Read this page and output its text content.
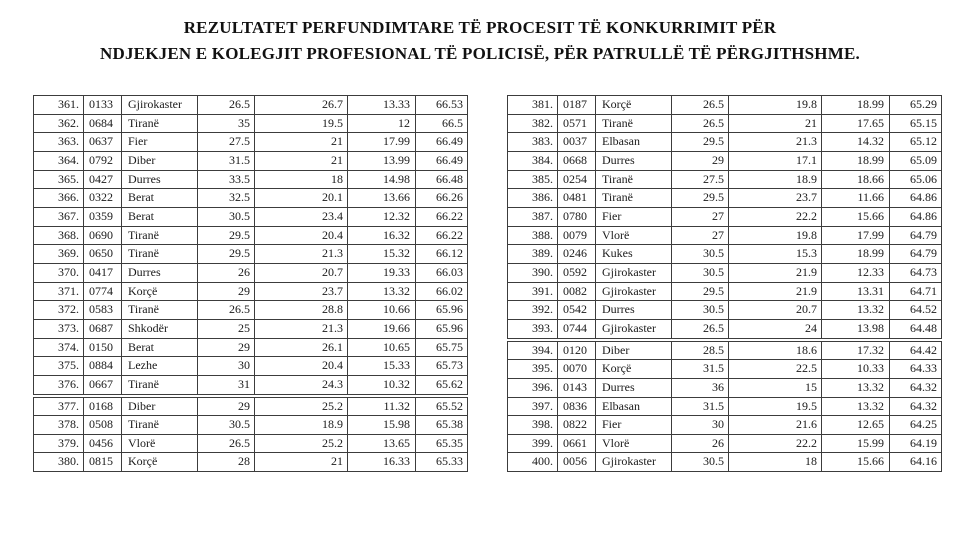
REZULTATET PERFUNDIMTARE TË PROCESIT TË KONKURRIMIT PËR
NDJEKJEN E KOLEGJIT PROFESIONAL TË POLICISË, PËR PATRULLË TË PËRGJITHSHME.
361.	0133	Gjirokaster	26.5	26.7	13.33	66.53
362.	0684	Tiranë	35	19.5	12	66.5
363.	0637	Fier	27.5	21	17.99	66.49
364.	0792	Diber	31.5	21	13.99	66.49
365.	0427	Durres	33.5	18	14.98	66.48
366.	0322	Berat	32.5	20.1	13.66	66.26
367.	0359	Berat	30.5	23.4	12.32	66.22
368.	0690	Tiranë	29.5	20.4	16.32	66.22
369.	0650	Tiranë	29.5	21.3	15.32	66.12
370.	0417	Durres	26	20.7	19.33	66.03
371.	0774	Korçë	29	23.7	13.32	66.02
372.	0583	Tiranë	26.5	28.8	10.66	65.96
373.	0687	Shkodër	25	21.3	19.66	65.96
374.	0150	Berat	29	26.1	10.65	65.75
375.	0884	Lezhe	30	20.4	15.33	65.73
376.	0667	Tiranë	31	24.3	10.32	65.62
377.	0168	Diber	29	25.2	11.32	65.52
378.	0508	Tiranë	30.5	18.9	15.98	65.38
379.	0456	Vlorë	26.5	25.2	13.65	65.35
380.	0815	Korçë	28	21	16.33	65.33
381.	0187	Korçë	26.5	19.8	18.99	65.29
382.	0571	Tiranë	26.5	21	17.65	65.15
383.	0037	Elbasan	29.5	21.3	14.32	65.12
384.	0668	Durres	29	17.1	18.99	65.09
385.	0254	Tiranë	27.5	18.9	18.66	65.06
386.	0481	Tiranë	29.5	23.7	11.66	64.86
387.	0780	Fier	27	22.2	15.66	64.86
388.	0079	Vlorë	27	19.8	17.99	64.79
389.	0246	Kukes	30.5	15.3	18.99	64.79
390.	0592	Gjirokaster	30.5	21.9	12.33	64.73
391.	0082	Gjirokaster	29.5	21.9	13.31	64.71
392.	0542	Durres	30.5	20.7	13.32	64.52
393.	0744	Gjirokaster	26.5	24	13.98	64.48
394.	0120	Diber	28.5	18.6	17.32	64.42
395.	0070	Korçë	31.5	22.5	10.33	64.33
396.	0143	Durres	36	15	13.32	64.32
397.	0836	Elbasan	31.5	19.5	13.32	64.32
398.	0822	Fier	30	21.6	12.65	64.25
399.	0661	Vlorë	26	22.2	15.99	64.19
400.	0056	Gjirokaster	30.5	18	15.66	64.16
